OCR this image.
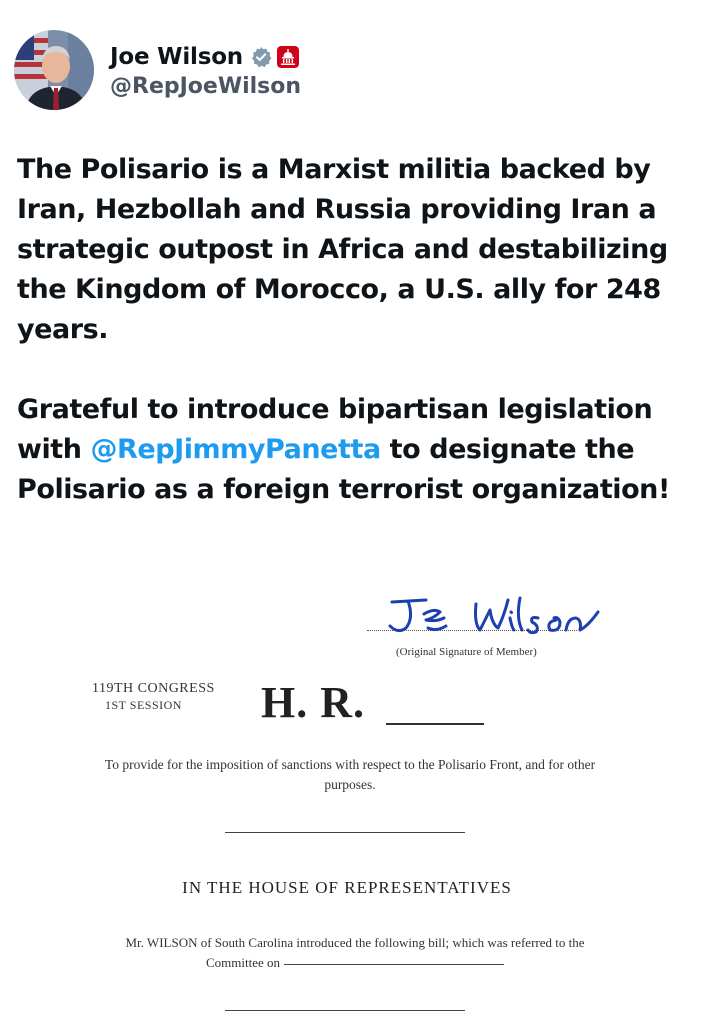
Joe Wilson
@RepJoeWilson
The Polisario is a Marxist militia backed by Iran, Hezbollah and Russia providing Iran a strategic outpost in Africa and destabilizing the Kingdom of Morocco, a U.S. ally for 248 years.
Grateful to introduce bipartisan legislation with @RepJimmyPanetta to designate the Polisario as a foreign terrorist organization!
(Original Signature of Member)
119TH CONGRESS
1ST SESSION	H. R.
To provide for the imposition of sanctions with respect to the Polisario Front, and for other purposes.
IN THE HOUSE OF REPRESENTATIVES
Mr. WILSON of South Carolina introduced the following bill; which was referred to the Committee on
